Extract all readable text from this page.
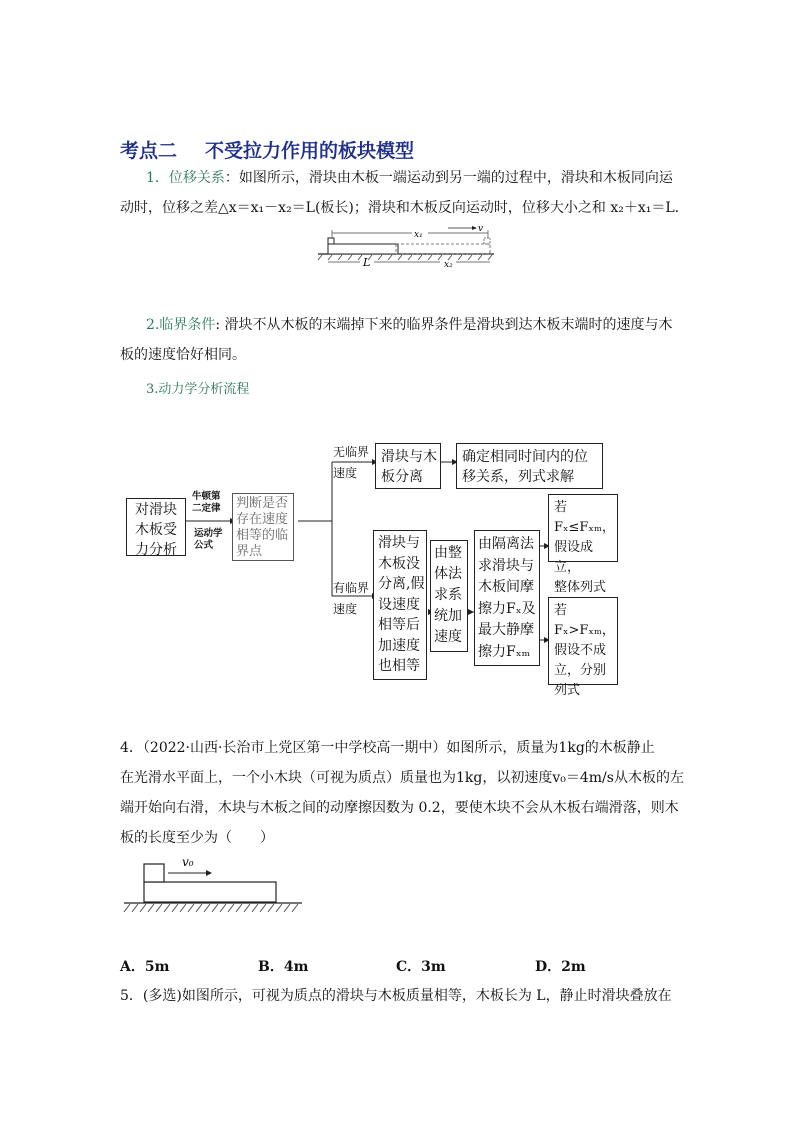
考点二 不受拉力作用的板块模型
1．位移关系：如图所示，滑块由木板一端运动到另一端的过程中，滑块和木板同向运
动时，位移之差△x＝x₁－x₂＝L(板长)；滑块和木板反向运动时，位移大小之和 x₂＋x₁＝L.
x₁
v
L	x₂
2.临界条件: 滑块不从木板的末端掉下来的临界条件是滑块到达木板末端时的速度与木
板的速度恰好相同。
3.动力学分析流程
对滑块
木板受
力分析
牛顿第
二定律
运动学
公式
判断是否
存在速度
相等的临
界点
无临界
速度
滑块与木
板分离
确定相同时间内的位
移关系，列式求解
有临界
速度
滑块与
木板没
分离,假
设速度
相等后
加速度
也相等
由整
体法
求系
统加
速度
由隔离法
求滑块与
木板间摩
擦力Fₓ及
最大静摩
擦力Fₓₘ
若Fₓ≤Fₓₘ，
假设成立，
整体列式
若Fₓ>Fₓₘ，
假设不成
立，分别
列式
4．（2022·山西·长治市上党区第一中学校高一期中）如图所示，质量为1kg的木板静止
在光滑水平面上，一个小木块（可视为质点）质量也为1kg，以初速度v₀＝4m/s从木板的左
端开始向右滑，木块与木板之间的动摩擦因数为 0.2，要使木块不会从木板右端滑落，则木
板的长度至少为（　　）
v₀
A．5m	B．4m	C．3m	D．2m
5．(多选)如图所示，可视为质点的滑块与木板质量相等，木板长为 L，静止时滑块叠放在
